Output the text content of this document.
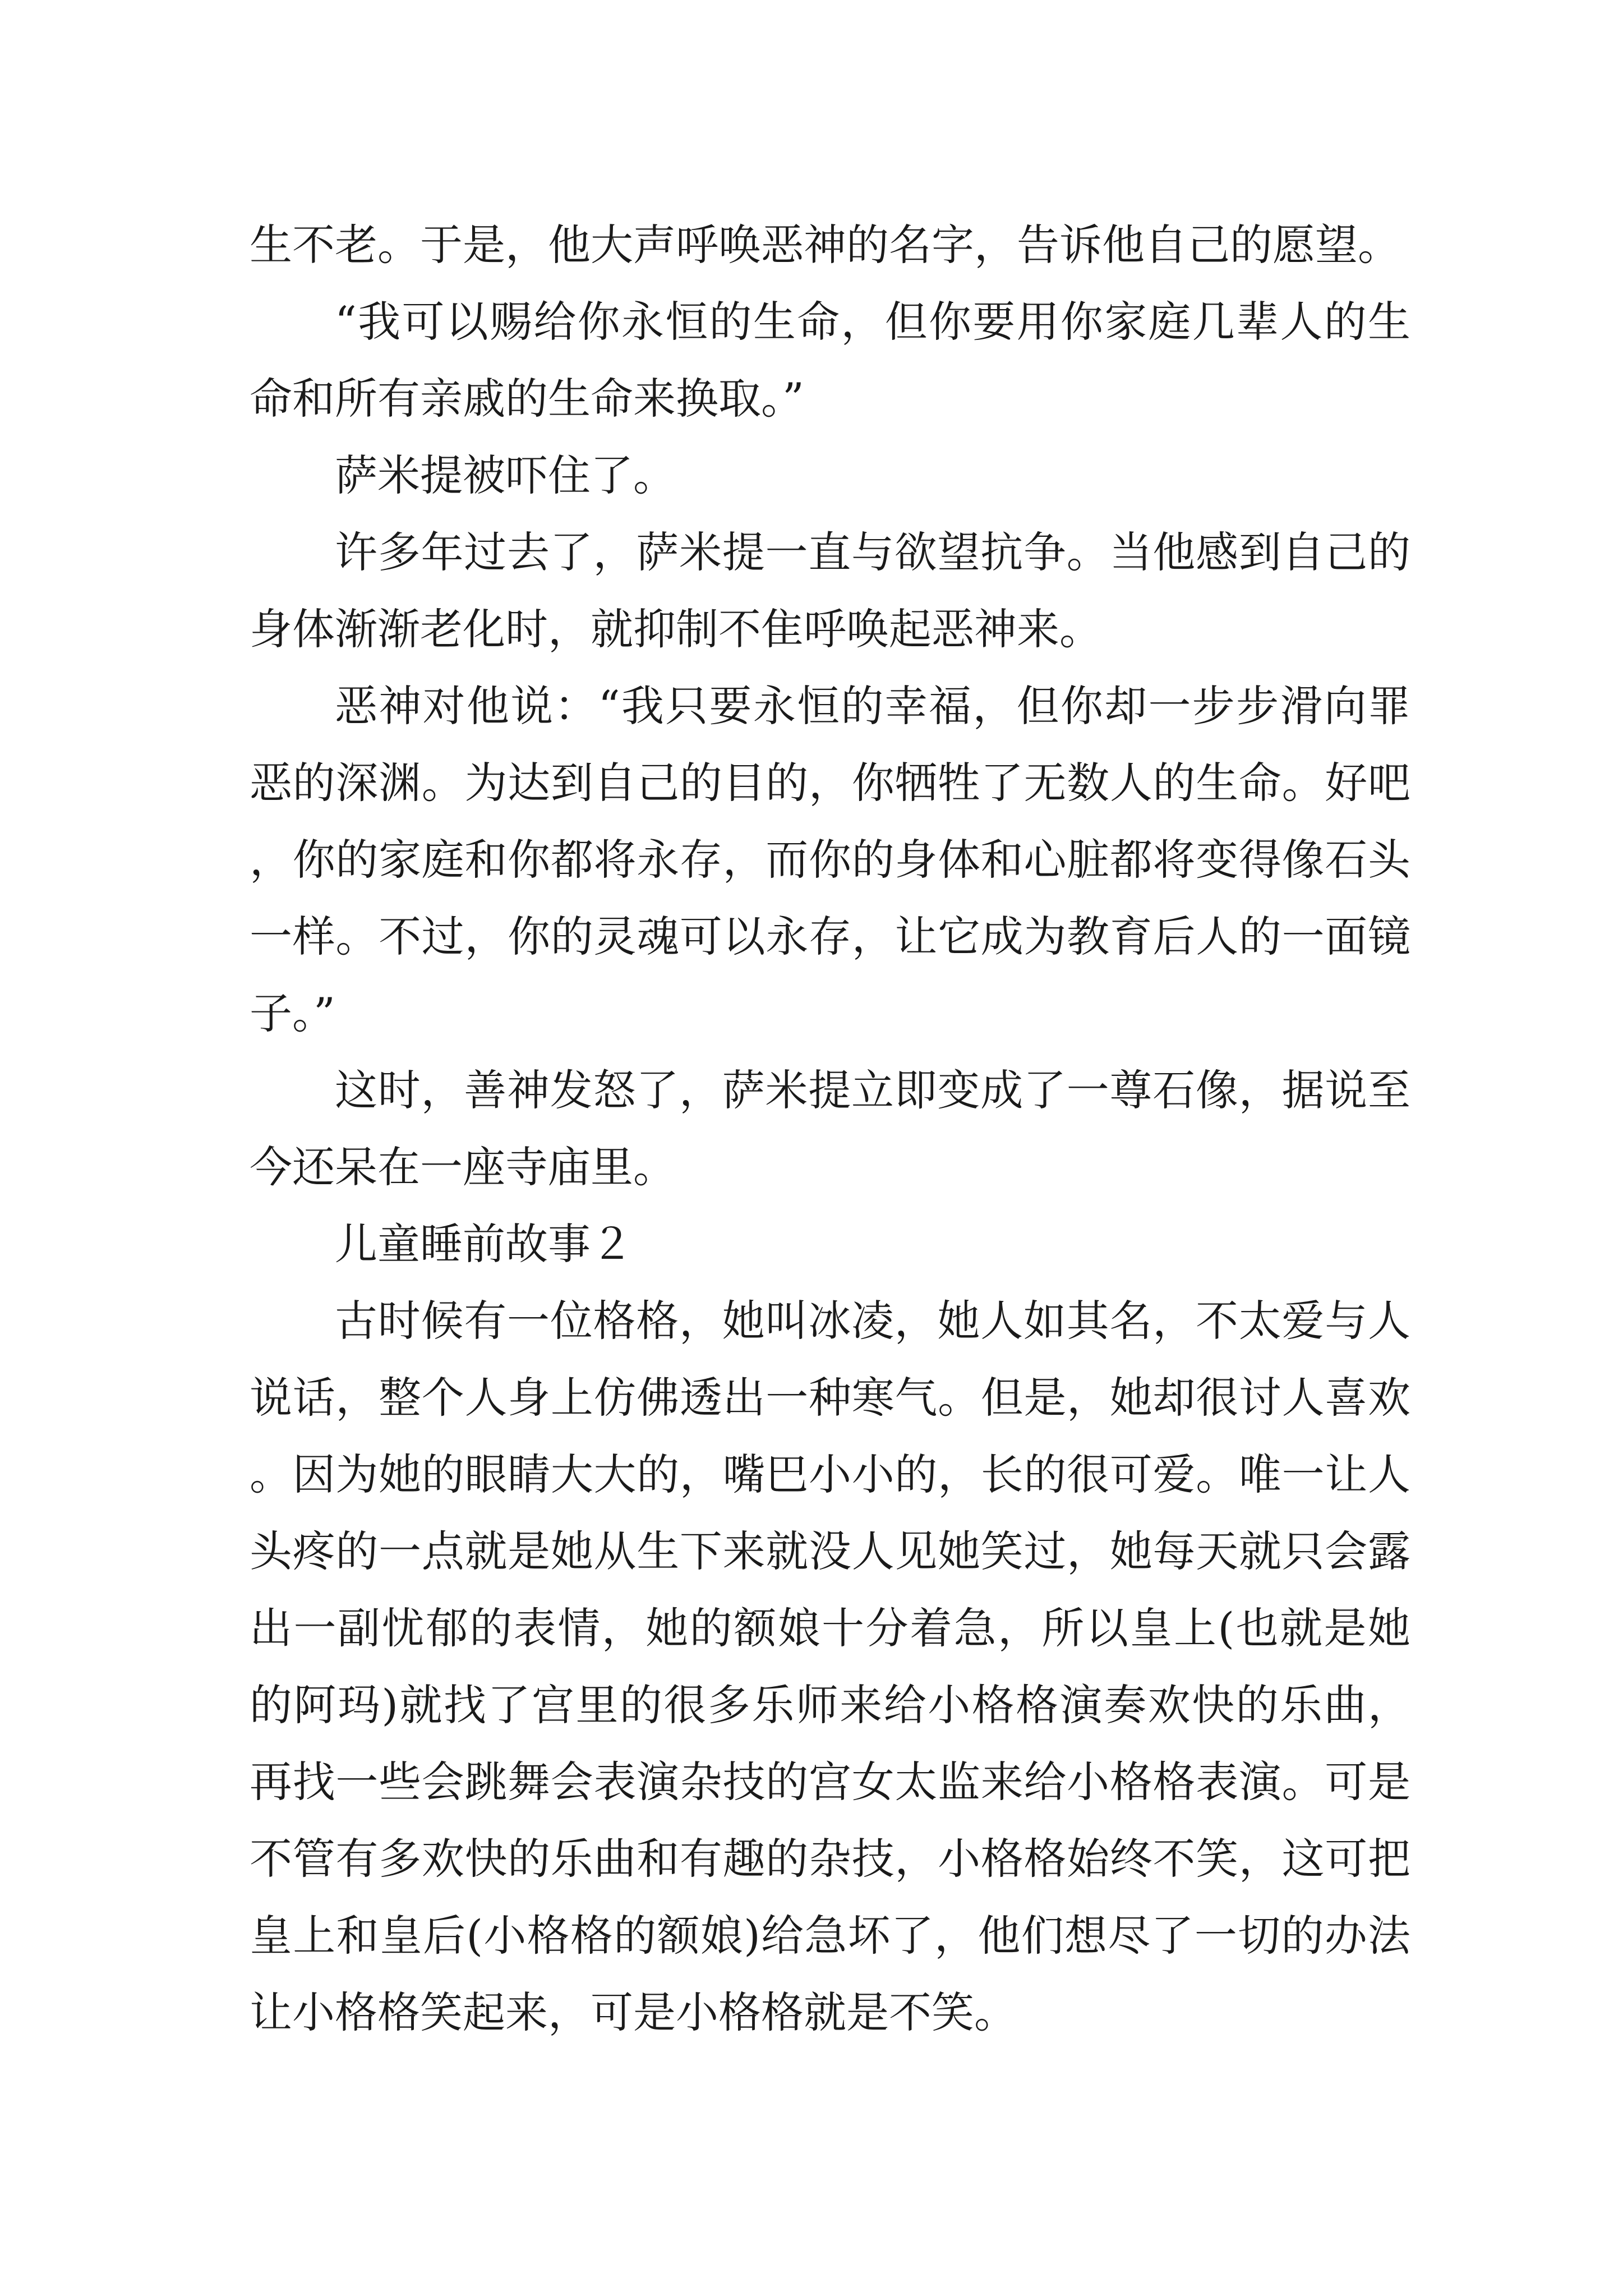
生不老。于是，他大声呼唤恶神的名字，告诉他自己的愿望。

“我可以赐给你永恒的生命，但你要用你家庭几辈人的生命和所有亲戚的生命来换取。”

萨米提被吓住了。

许多年过去了，萨米提一直与欲望抗争。当他感到自己的身体渐渐老化时，就抑制不隹呼唤起恶神来。

恶神对他说：“我只要永恒的幸福，但你却一步步滑向罪恶的深渊。为达到自己的目的，你牺牲了无数人的生命。好吧，你的家庭和你都将永存，而你的身体和心脏都将变得像石头一样。不过，你的灵魂可以永存，让它成为教育后人的一面镜子。”

这时，善神发怒了，萨米提立即变成了一尊石像，据说至今还呆在一座寺庙里。

儿童睡前故事２

古时候有一位格格，她叫冰凌，她人如其名，不太爱与人说话，整个人身上仿佛透出一种寒气。但是，她却很讨人喜欢。因为她的眼睛大大的，嘴巴小小的，长的很可爱。唯一让人头疼的一点就是她从生下来就没人见她笑过，她每天就只会露出一副忧郁的表情，她的额娘十分着急，所以皇上(也就是她的阿玛)就找了宫里的很多乐师来给小格格演奏欢快的乐曲，再找一些会跳舞会表演杂技的宫女太监来给小格格表演。可是不管有多欢快的乐曲和有趣的杂技，小格格始终不笑，这可把皇上和皇后(小格格的额娘)给急坏了，他们想尽了一切的办法让小格格笑起来，可是小格格就是不笑。
